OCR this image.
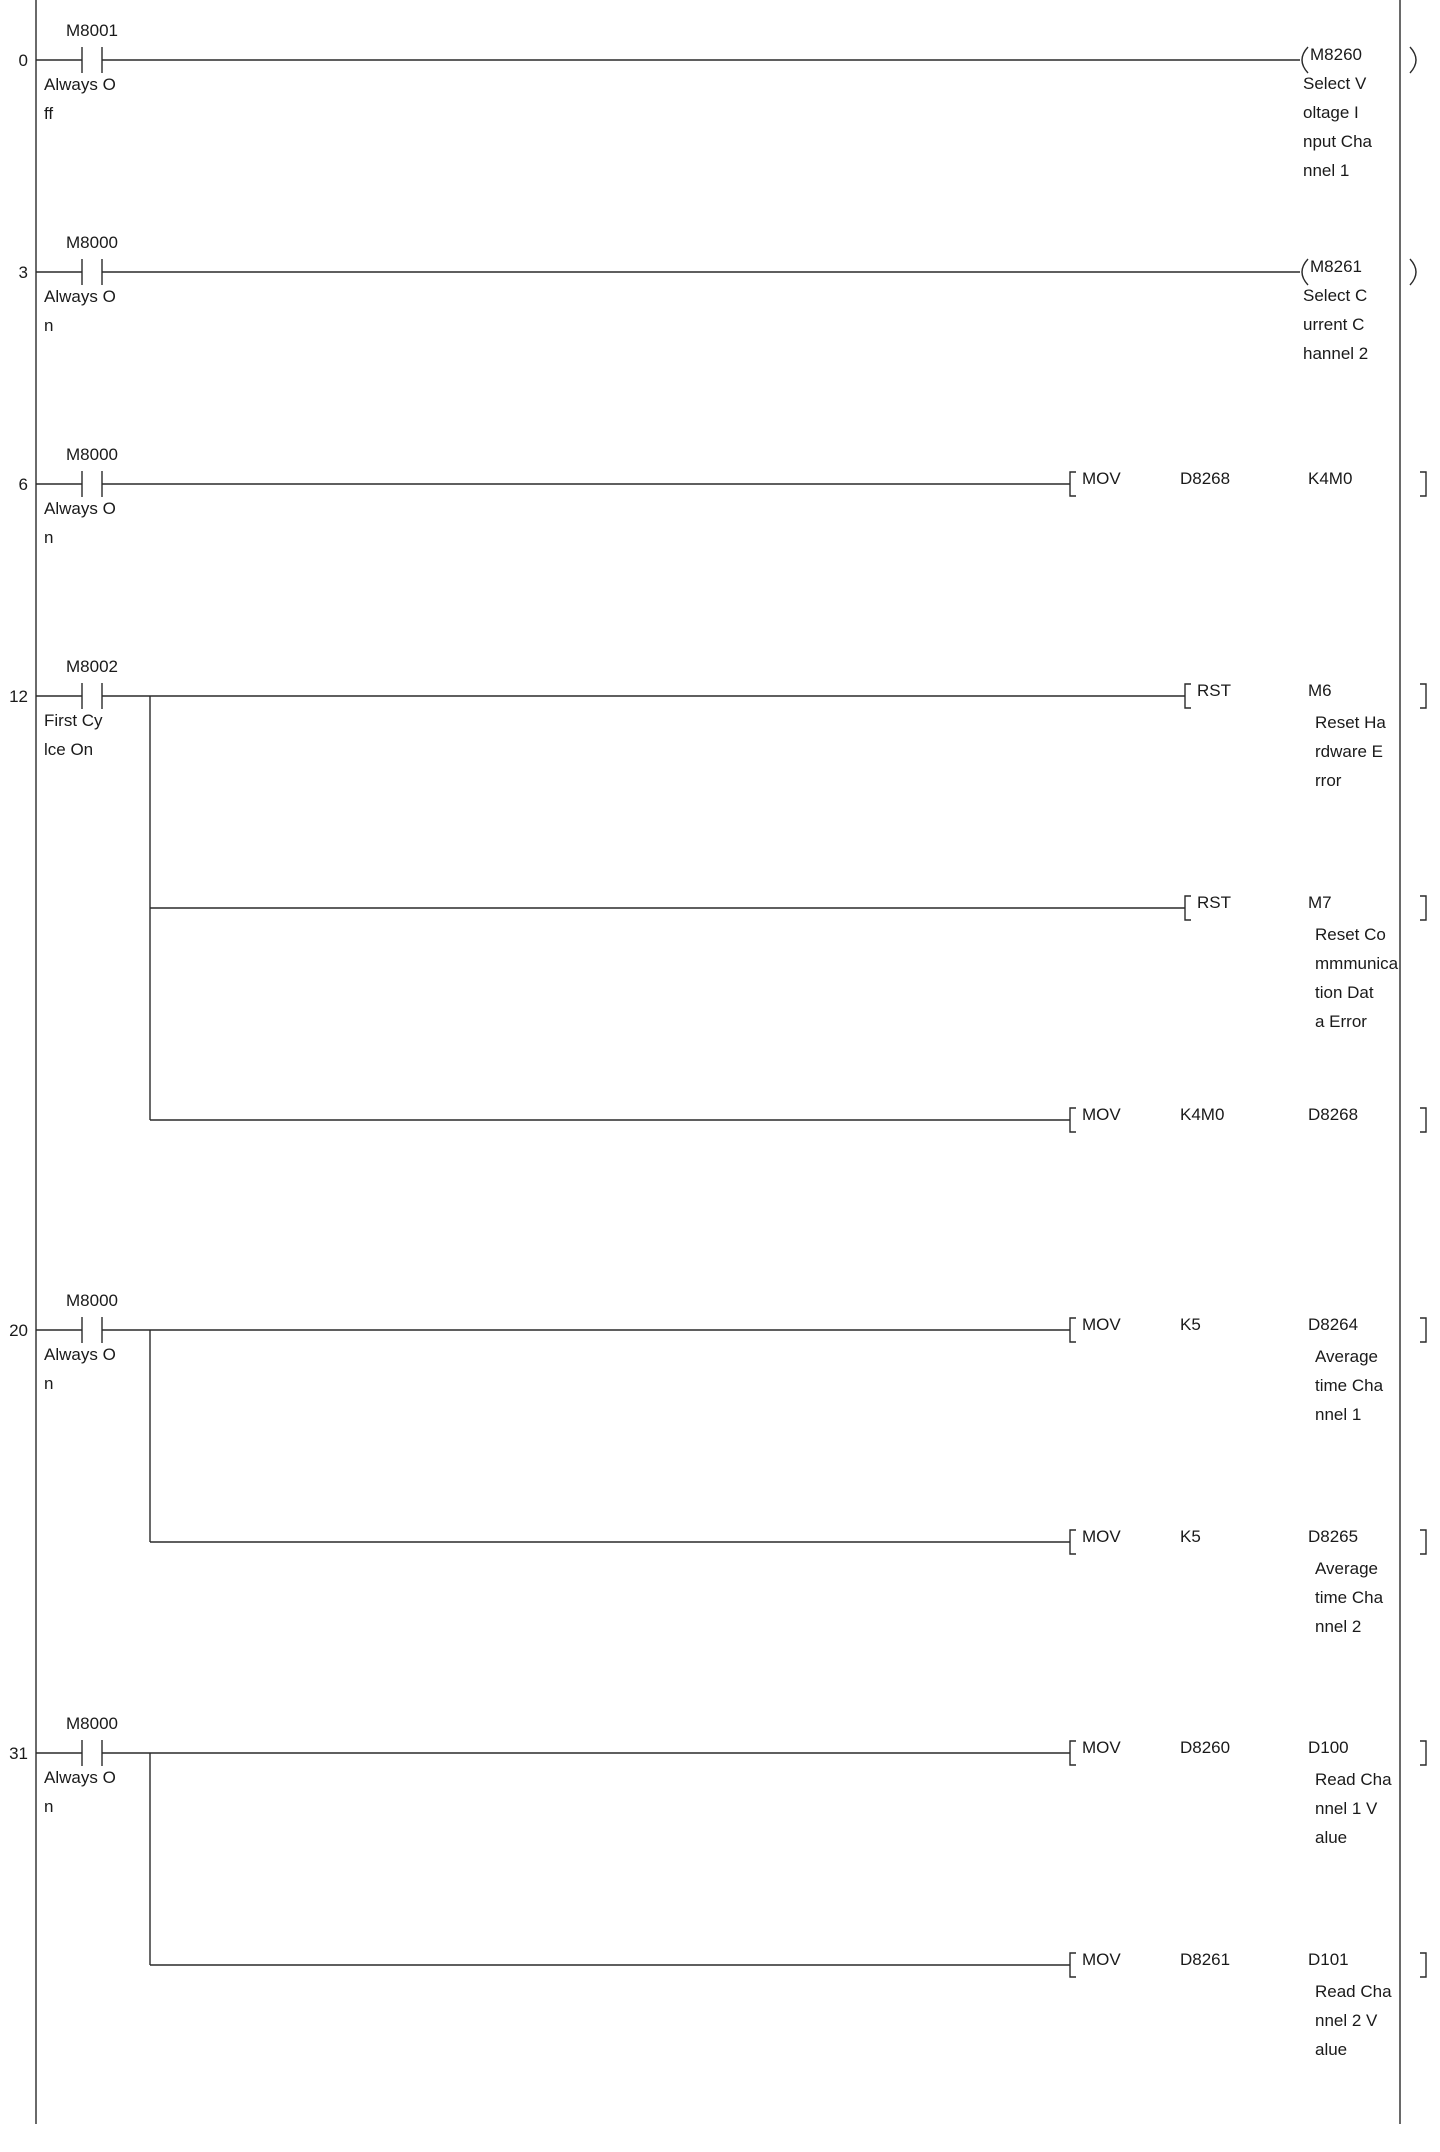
0
M8001
Always O
ff
M8260
Select V
oltage I
nput Cha
nnel 1
3
M8000
Always O
n
M8261
Select C
urrent C
hannel 2
6
M8000
Always O
n
MOV	D8268	K4M0
12
M8002
First Cy
lce On
RST	M6
Reset Ha
rdware E
rror
RST	M7
Reset Co
mmmunica
tion Dat
a Error
MOV	K4M0	D8268
20
M8000
Always O
n
MOV	K5	D8264
Average
time Cha
nnel 1
MOV	K5	D8265
Average
time Cha
nnel 2
31
M8000
Always O
n
MOV	D8260	D100
Read Cha
nnel 1 V
alue
MOV	D8261	D101
Read Cha
nnel 2 V
alue
